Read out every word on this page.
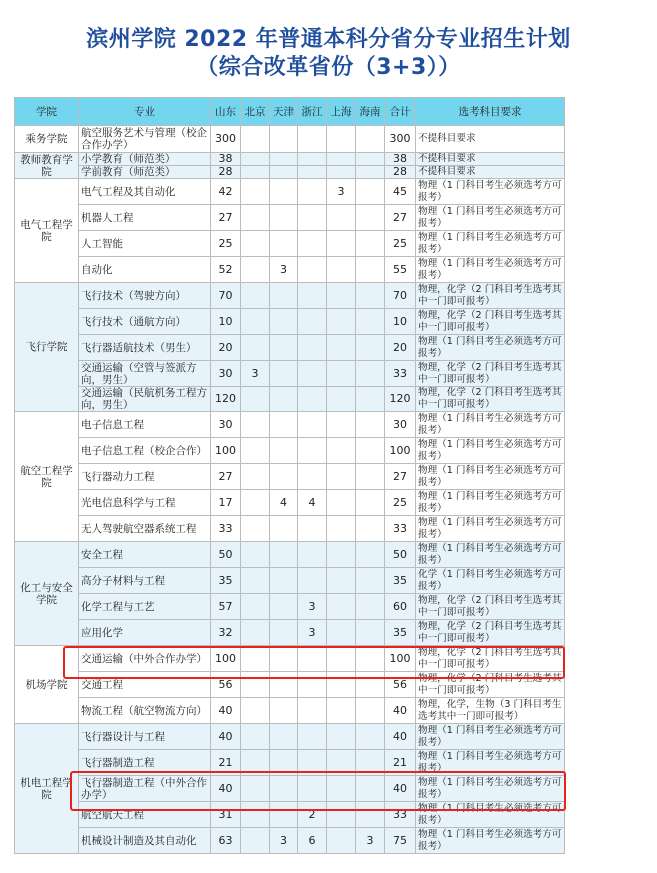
滨州学院 2022 年普通本科分省分专业招生计划
（综合改革省份（3+3））
学院	专业	山东	北京	天津	浙江	上海	海南	合计	选考科目要求
乘务学院	航空服务艺术与管理（校企合作办学）	300						300	不提科目要求
教师教育学院	小学教育（师范类）	38						38	不提科目要求
	学前教育（师范类）	28						28	不提科目要求
电气工程学院	电气工程及其自动化	42				3		45	物理（1 门科目考生必须选考方可报考）
	机器人工程	27						27	物理（1 门科目考生必须选考方可报考）
	人工智能	25						25	物理（1 门科目考生必须选考方可报考）
	自动化	52		3				55	物理（1 门科目考生必须选考方可报考）
飞行学院	飞行技术（驾驶方向）	70						70	物理，化学（2 门科目考生选考其中一门即可报考）
	飞行技术（通航方向）	10						10	物理，化学（2 门科目考生选考其中一门即可报考）
	飞行器适航技术（男生）	20						20	物理（1 门科目考生必须选考方可报考）
	交通运输（空管与签派方向，男生）	30	3					33	物理，化学（2 门科目考生选考其中一门即可报考）
	交通运输（民航机务工程方向，男生）	120						120	物理，化学（2 门科目考生选考其中一门即可报考）
航空工程学院	电子信息工程	30						30	物理（1 门科目考生必须选考方可报考）
	电子信息工程（校企合作）	100						100	物理（1 门科目考生必须选考方可报考）
	飞行器动力工程	27						27	物理（1 门科目考生必须选考方可报考）
	光电信息科学与工程	17		4	4			25	物理（1 门科目考生必须选考方可报考）
	无人驾驶航空器系统工程	33						33	物理（1 门科目考生必须选考方可报考）
化工与安全学院	安全工程	50						50	物理（1 门科目考生必须选考方可报考）
	高分子材料与工程	35						35	化学（1 门科目考生必须选考方可报考）
	化学工程与工艺	57			3			60	物理，化学（2 门科目考生选考其中一门即可报考）
	应用化学	32			3			35	物理，化学（2 门科目考生选考其中一门即可报考）
机场学院	交通运输（中外合作办学）	100						100	物理，化学（2 门科目考生选考其中一门即可报考）
	交通工程	56						56	物理，化学（2 门科目考生选考其中一门即可报考）
	物流工程（航空物流方向）	40						40	物理，化学，生物（3 门科目考生选考其中一门即可报考）
机电工程学院	飞行器设计与工程	40						40	物理（1 门科目考生必须选考方可报考）
	飞行器制造工程	21						21	物理（1 门科目考生必须选考方可报考）
	飞行器制造工程（中外合作办学）	40						40	物理（1 门科目考生必须选考方可报考）
	航空航天工程	31			2			33	物理（1 门科目考生必须选考方可报考）
	机械设计制造及其自动化	63		3	6		3	75	物理（1 门科目考生必须选考方可报考）
